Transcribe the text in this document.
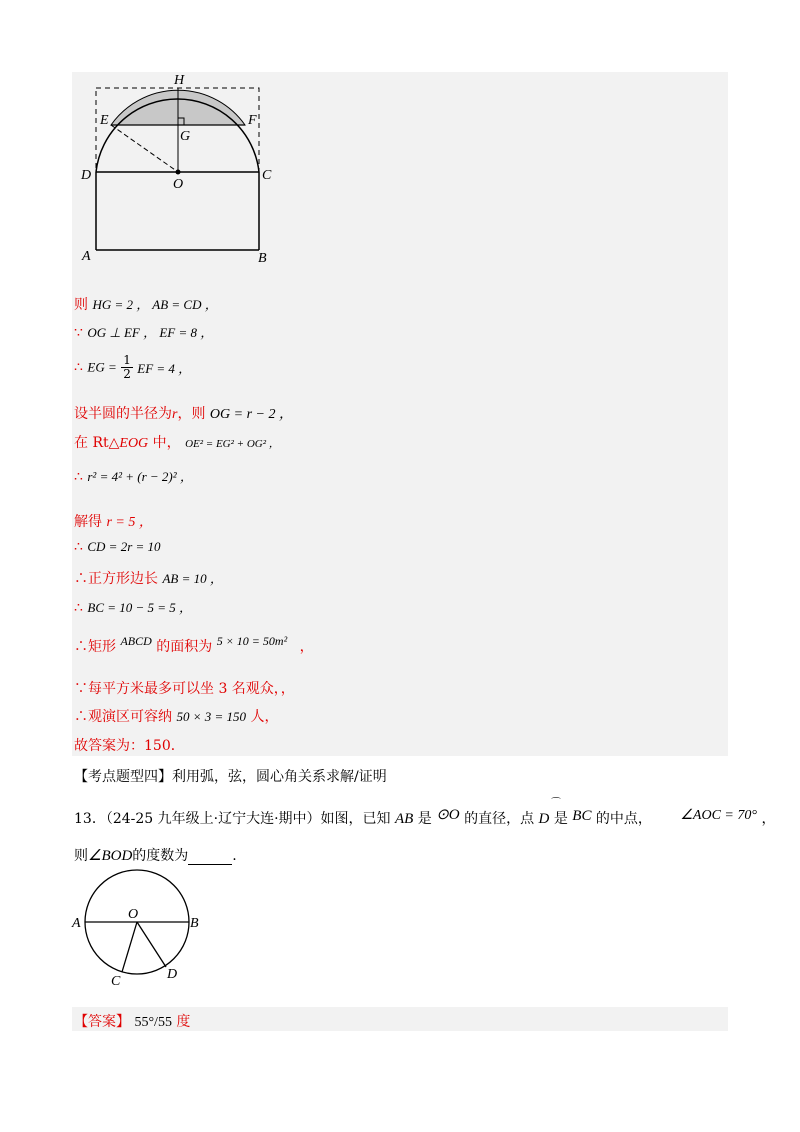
H
E	F
G
D
O
C
A	B
则 HG = 2 ， AB = CD ，
∵ OG ⊥ EF ， EF = 8 ，
∴ EG = $\frac{1}{2}$ EF = 4 ，
设半圆的半径为r，则 OG = r − 2 ，
在 Rt△EOG 中， OE² = EG² + OG² ，
∴ r² = 4² + (r − 2)² ，
解得 r = 5 ，
∴ CD = 2r = 10
∴正方形边长 AB = 10 ，
∴ BC = 10 − 5 = 5 ，
∴矩形 ABCD 的面积为 5 × 10 = 50m² ，
∵每平方米最多可以坐 3 名观众，，
∴观演区可容纳 50 × 3 = 150 人，
故答案为：150．
【考点题型四】利用弧，弦，圆心角关系求解/证明
13．（24-25 九年级上·辽宁大连·期中）如图，已知 AB 是 ⊙O 的直径，点 D 是 BC 的中点， ∠AOC = 70° ，
⌒
则∠BOD的度数为	.
A
O
B
C	D
【答案】 55°/55 度
